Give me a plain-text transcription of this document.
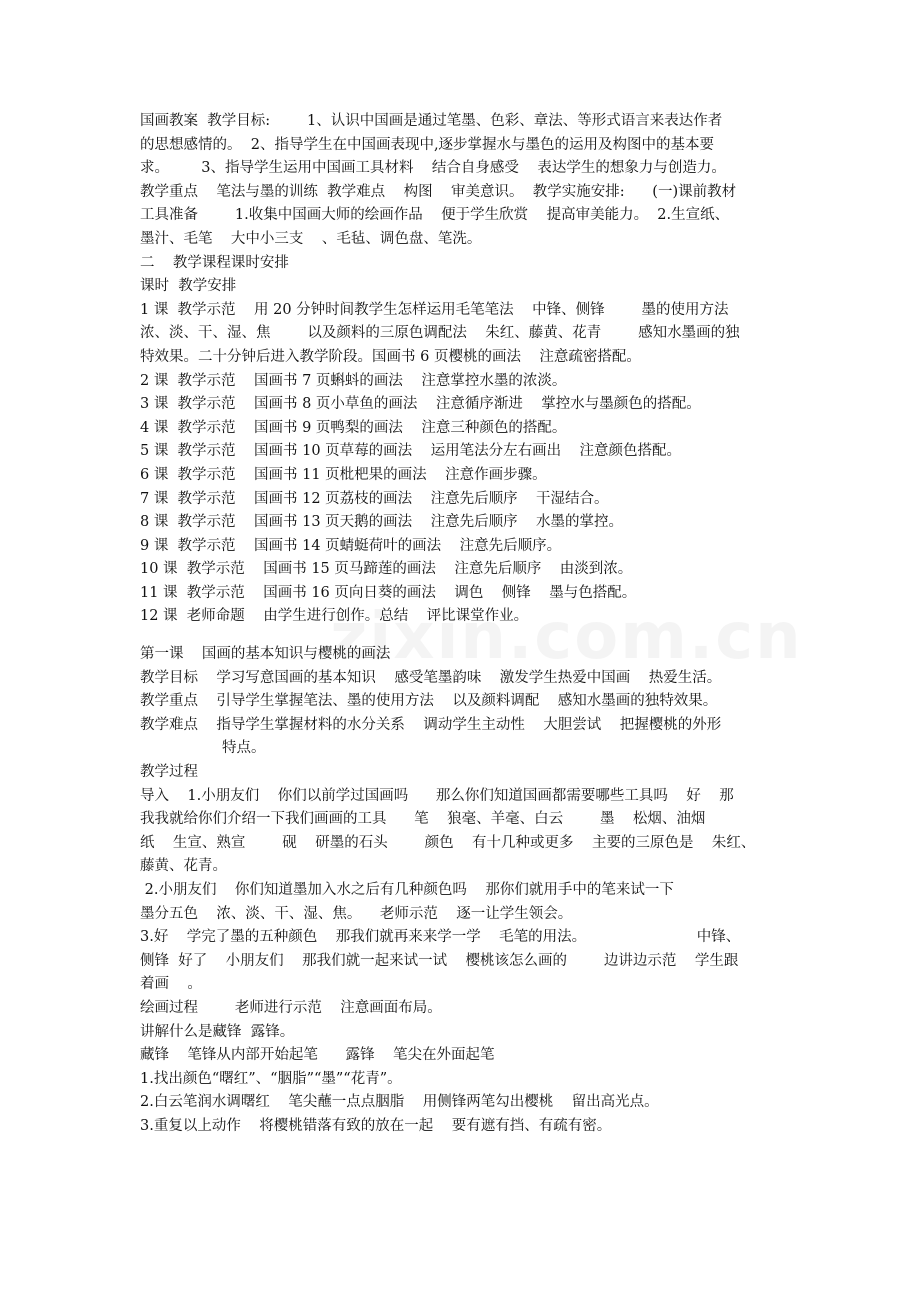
国画教案  教学目标:        1、认识中国画是通过笔墨、色彩、章法、等形式语言来表达作者
的思想感情的。  2、指导学生在中国画表现中,逐步掌握水与墨色的运用及构图中的基本要
求。       3、指导学生运用中国画工具材料    结合自身感受    表达学生的想象力与创造力。
教学重点    笔法与墨的训练  教学难点    构图    审美意识。  教学实施安排:      (一)课前教材
工具准备        1.收集中国画大师的绘画作品    便于学生欣赏    提高审美能力。  2.生宣纸、
墨汁、毛笔    大中小三支    、毛毡、调色盘、笔洗。
二    教学课程课时安排
课时  教学安排
1 课  教学示范    用 20 分钟时间教学生怎样运用毛笔笔法    中锋、侧锋        墨的使用方法
浓、淡、干、湿、焦        以及颜料的三原色调配法    朱红、藤黄、花青        感知水墨画的独
特效果。二十分钟后进入教学阶段。国画书 6 页樱桃的画法    注意疏密搭配。
2 课  教学示范    国画书 7 页蝌蚪的画法    注意掌控水墨的浓淡。
3 课  教学示范    国画书 8 页小草鱼的画法    注意循序渐进    掌控水与墨颜色的搭配。
4 课  教学示范    国画书 9 页鸭梨的画法    注意三种颜色的搭配。
5 课  教学示范    国画书 10 页草莓的画法    运用笔法分左右画出    注意颜色搭配。
6 课  教学示范    国画书 11 页枇杷果的画法    注意作画步骤。
7 课  教学示范    国画书 12 页荔枝的画法    注意先后顺序    干湿结合。
8 课  教学示范    国画书 13 页天鹅的画法    注意先后顺序    水墨的掌控。
9 课  教学示范    国画书 14 页蜻蜓荷叶的画法    注意先后顺序。
10 课  教学示范    国画书 15 页马蹄莲的画法    注意先后顺序    由淡到浓。
11 课  教学示范    国画书 16 页向日葵的画法    调色    侧锋    墨与色搭配。
12 课  老师命题    由学生进行创作。总结    评比课堂作业。
第一课    国画的基本知识与樱桃的画法
教学目标    学习写意国画的基本知识    感受笔墨韵味    激发学生热爱中国画    热爱生活。
教学重点    引导学生掌握笔法、墨的使用方法    以及颜料调配    感知水墨画的独特效果。
教学难点    指导学生掌握材料的水分关系    调动学生主动性    大胆尝试    把握樱桃的外形
特点。
教学过程
导入    1.小朋友们    你们以前学过国画吗      那么你们知道国画都需要哪些工具吗    好    那
我我就给你们介绍一下我们画画的工具      笔    狼毫、羊毫、白云        墨    松烟、油烟
纸    生宣、熟宣        砚    研墨的石头        颜色    有十几种或更多    主要的三原色是    朱红、
藤黄、花青。
2.小朋友们    你们知道墨加入水之后有几种颜色吗    那你们就用手中的笔来试一下
墨分五色    浓、淡、干、湿、焦。    老师示范    逐一让学生领会。
3.好    学完了墨的五种颜色    那我们就再来来学一学    毛笔的用法。                        中锋、
侧锋  好了    小朋友们    那我们就一起来试一试    樱桃该怎么画的        边讲边示范    学生跟
着画    。
绘画过程        老师进行示范    注意画面布局。
讲解什么是藏锋  露锋。
藏锋    笔锋从内部开始起笔      露锋    笔尖在外面起笔
1.找出颜色“曙红”、“胭脂”“墨”“花青”。
2.白云笔润水调曙红    笔尖蘸一点点胭脂    用侧锋两笔勾出樱桃    留出高光点。
3.重复以上动作    将樱桃错落有致的放在一起    要有遮有挡、有疏有密。
